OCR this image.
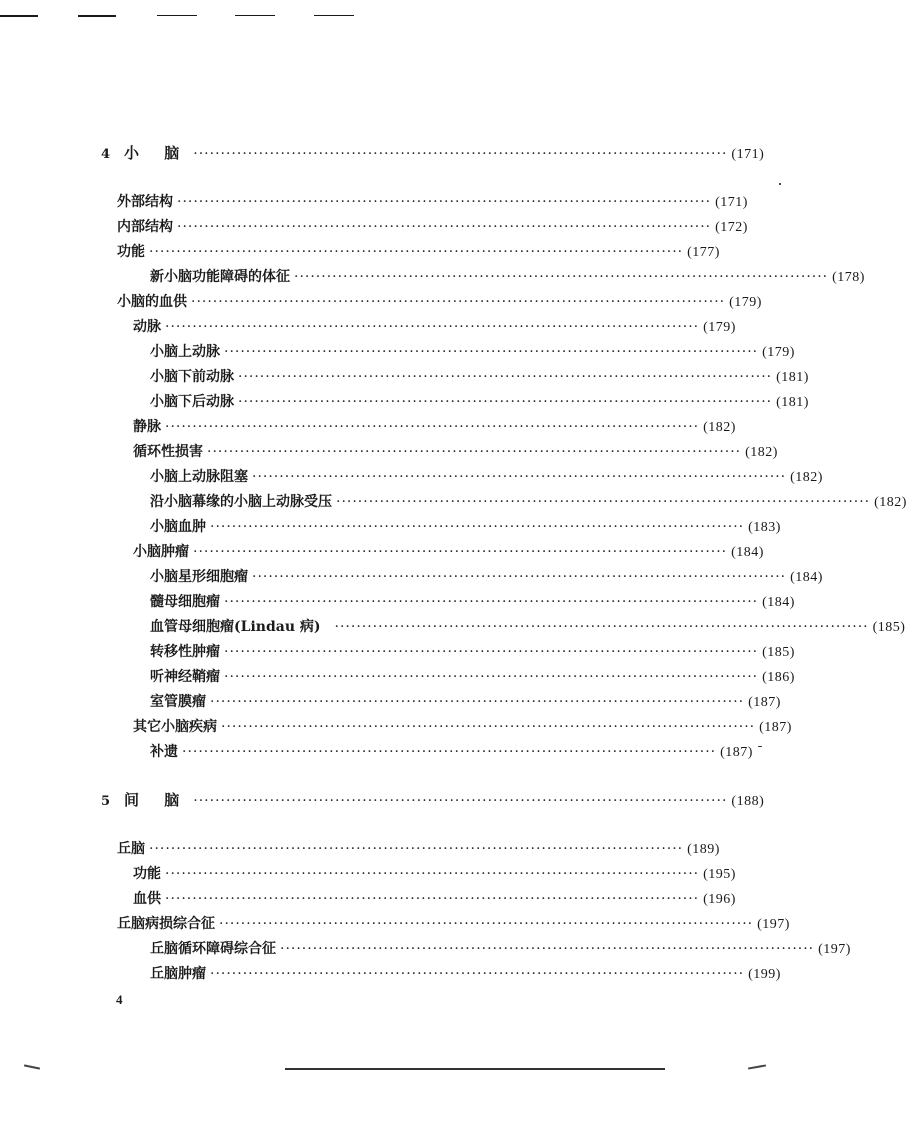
4 小 脑 ·································································································· (171)
外部结构 ·································································································· (171)
内部结构 ·································································································· (172)
功能 ·································································································· (177)
新小脑功能障碍的体征 ·································································································· (178)
小脑的血供 ·································································································· (179)
动脉 ·································································································· (179)
小脑上动脉 ·································································································· (179)
小脑下前动脉 ·································································································· (181)
小脑下后动脉 ·································································································· (181)
静脉 ·································································································· (182)
循环性损害 ·································································································· (182)
小脑上动脉阻塞 ·································································································· (182)
沿小脑幕缘的小脑上动脉受压 ·································································································· (182)
小脑血肿 ·································································································· (183)
小脑肿瘤 ·································································································· (184)
小脑星形细胞瘤 ·································································································· (184)
髓母细胞瘤 ·································································································· (184)
血管母细胞瘤(Lindau 病) ·································································································· (185)
转移性肿瘤 ·································································································· (185)
听神经鞘瘤 ·································································································· (186)
室管膜瘤 ·································································································· (187)
其它小脑疾病 ·································································································· (187)
补遗 ·································································································· (187)
5 间 脑 ·································································································· (188)
丘脑 ·································································································· (189)
功能 ·································································································· (195)
血供 ·································································································· (196)
丘脑病损综合征 ·································································································· (197)
丘脑循环障碍综合征 ·································································································· (197)
丘脑肿瘤 ·································································································· (199)
4
